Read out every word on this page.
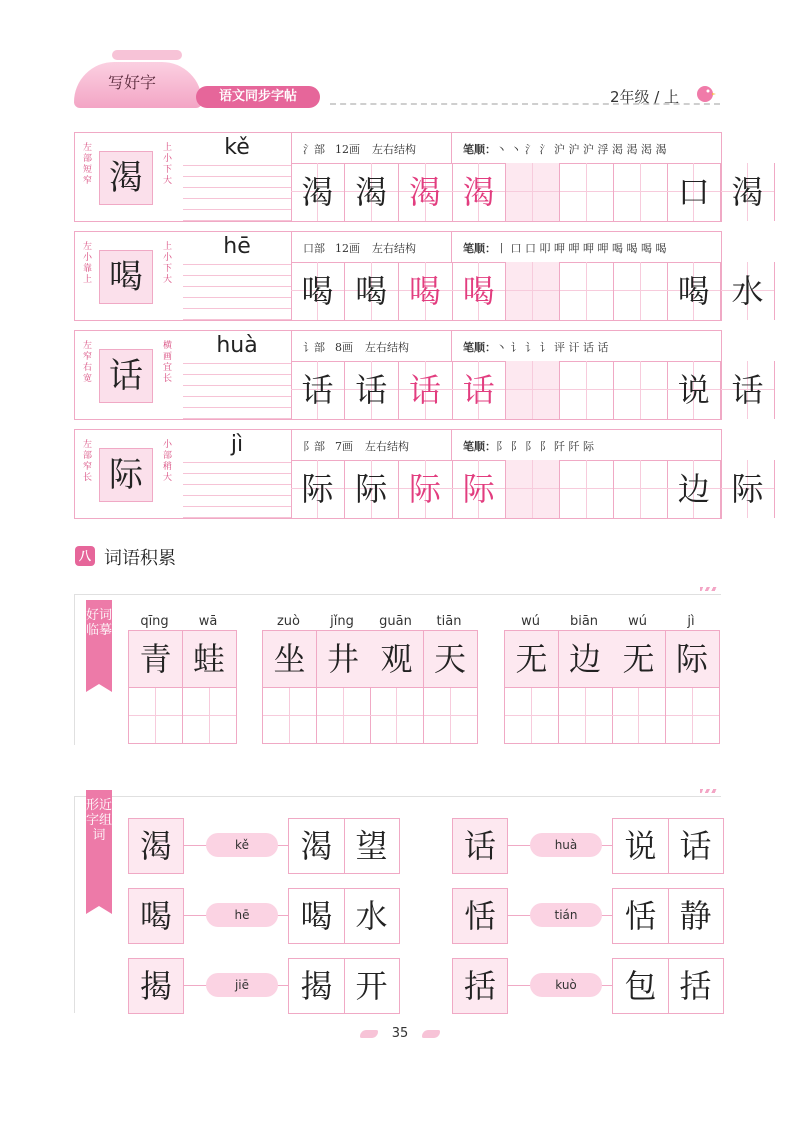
写好字
语文同步字帖	2年级 / 上
左部短窄 渴
上小下大
kě	氵部 12画 左右结构	笔顺：丶 丶 氵 氵 沪 沪 沪 浮 渇 渇 渇 渴
渴 渴 渴 渴	口 渴
左小靠上 喝
上小下大
hē	口部 12画 左右结构	笔顺：丨 口 口 叩 呷 呷 呷 呷 喝 喝 喝 喝
喝 喝 喝 喝	喝 水
左窄右宽 话
横画宜长
huà	讠部 8画 左右结构	笔顺：丶 讠 讠 讠 评 讦 话 话
话 话 话 话	说 话
左部窄长 际
小部稍大
jì	阝部 7画 左右结构	笔顺：阝 阝 阝 阝 阡 阡 际
际 际 际 际	边 际
八 词语积累
好词临摹
青 蛙
qīng	wā
坐 井 观 天
zuò	jǐng	guān	tiān
无 边 无 际
wú	biān	wú	jì
形近字组词	渴	kě	渴 望
喝	hē	喝 水
揭	jiē	揭 开
话	huà	说 话
恬	tián	恬 静
括	kuò	包 括
35
